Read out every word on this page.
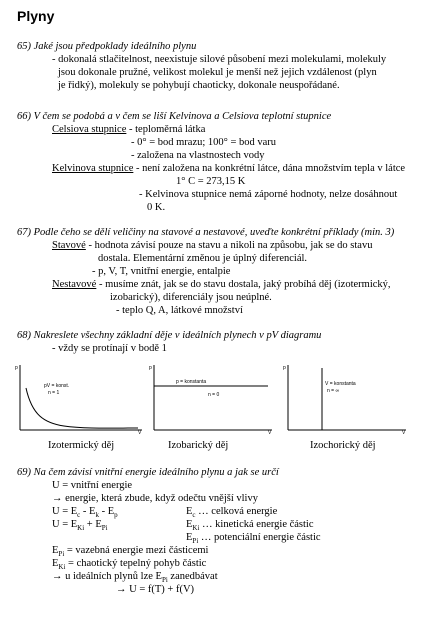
Plyny
65) Jaké jsou předpoklady ideálního plynu
- dokonalá stlačitelnost, neexistuje silové působení mezi molekulami, molekuly
jsou dokonale pružné, velikost molekul je menší než jejich vzdálenost (plyn
je řidký), molekuly se pohybují chaoticky, dokonale neuspořádané.
66) V čem se podobá a v čem se liší Kelvinova a Celsiova teplotní stupnice
Celsiova stupnice - teploměrná látka
- 0° = bod mrazu; 100° = bod varu
- založena na vlastnostech vody
Kelvinova stupnice - není založena na konkrétní látce, dána množstvím tepla v látce
1° C = 273,15 K
- Kelvinova stupnice nemá záporné hodnoty, nelze dosáhnout
0 K.
67) Podle čeho se dělí veličiny na stavové a nestavové, uveďte konkrétní příklady (min. 3)
Stavové - hodnota závisí pouze na stavu a nikoli na způsobu, jak se do stavu
dostala. Elementární změnou je úplný diferenciál.
- p, V, T, vnitřní energie, entalpie
Nestavové - musíme znát, jak se do stavu dostala, jaký probíhá děj (izotermický,
izobarický), diferenciály jsou neúplné.
- teplo Q, A, látkové množství
68) Nakreslete všechny základní děje v ideálních plynech v pV diagramu
- vždy se protínají v bodě 1
p
V
pV = konst.
n = 1
Izotermický děj
p
V
p = konstanta
n = 0
Izobarický děj
p
V
V = konstanta
n = ∞
Izochorický děj
69) Na čem závisí vnitřní energie ideálního plynu a jak se určí
U = vnitřní energie
→ energie, která zbude, když odečtu vnější vlivy
$U = E_c - E_k - E_p$	$E_c$ … celková energie
$U = E_{Ki} + E_{Pi}$	$E_{Ki}$ … kinetická energie částic
$E_{Pi}$ … potenciální energie částic
$E_{Pi}$ = vazebná energie mezi částicemi
$E_{Ki}$ = chaotický tepelný pohyb částic
→ u ideálních plynů lze $E_{Pi}$ zanedbávat
→ U = f(T) + f(V)
